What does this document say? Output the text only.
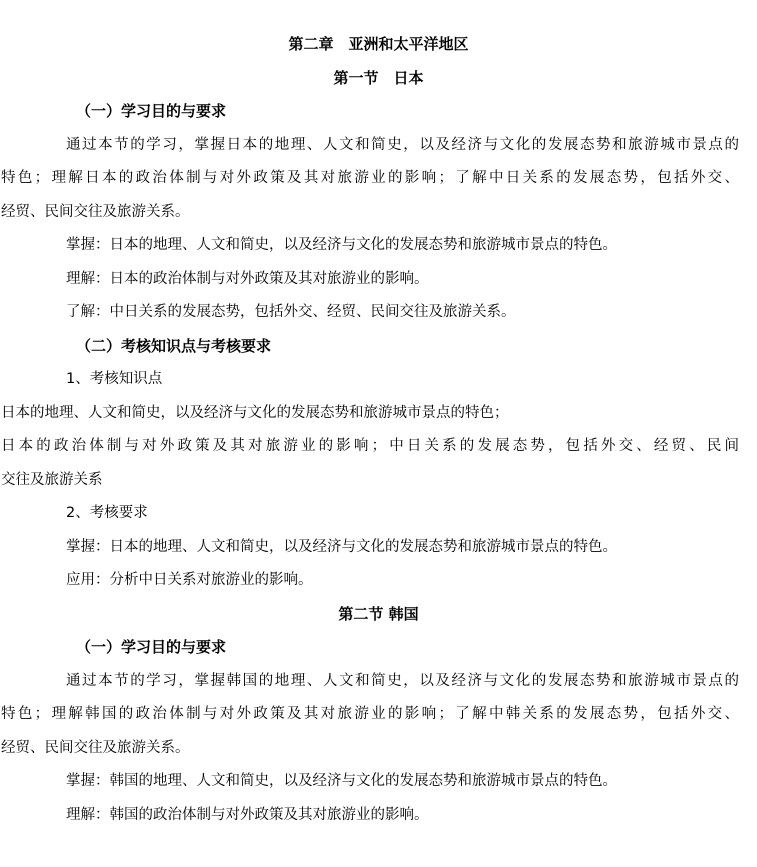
第二章　亚洲和太平洋地区
第一节　日本
（一）学习目的与要求
通过本节的学习，掌握日本的地理、人文和简史，以及经济与文化的发展态势和旅游城市景点的
特色；理解日本的政治体制与对外政策及其对旅游业的影响；了解中日关系的发展态势，包括外交、
经贸、民间交往及旅游关系。
掌握：日本的地理、人文和简史，以及经济与文化的发展态势和旅游城市景点的特色。
理解：日本的政治体制与对外政策及其对旅游业的影响。
了解：中日关系的发展态势，包括外交、经贸、民间交往及旅游关系。
（二）考核知识点与考核要求
1、考核知识点
日本的地理、人文和简史，以及经济与文化的发展态势和旅游城市景点的特色；
日本的政治体制与对外政策及其对旅游业的影响；中日关系的发展态势，包括外交、经贸、民间
交往及旅游关系
2、考核要求
掌握：日本的地理、人文和简史，以及经济与文化的发展态势和旅游城市景点的特色。
应用：分析中日关系对旅游业的影响。
第二节 韩国
（一）学习目的与要求
通过本节的学习，掌握韩国的地理、人文和简史，以及经济与文化的发展态势和旅游城市景点的
特色；理解韩国的政治体制与对外政策及其对旅游业的影响；了解中韩关系的发展态势，包括外交、
经贸、民间交往及旅游关系。
掌握：韩国的地理、人文和简史，以及经济与文化的发展态势和旅游城市景点的特色。
理解：韩国的政治体制与对外政策及其对旅游业的影响。
